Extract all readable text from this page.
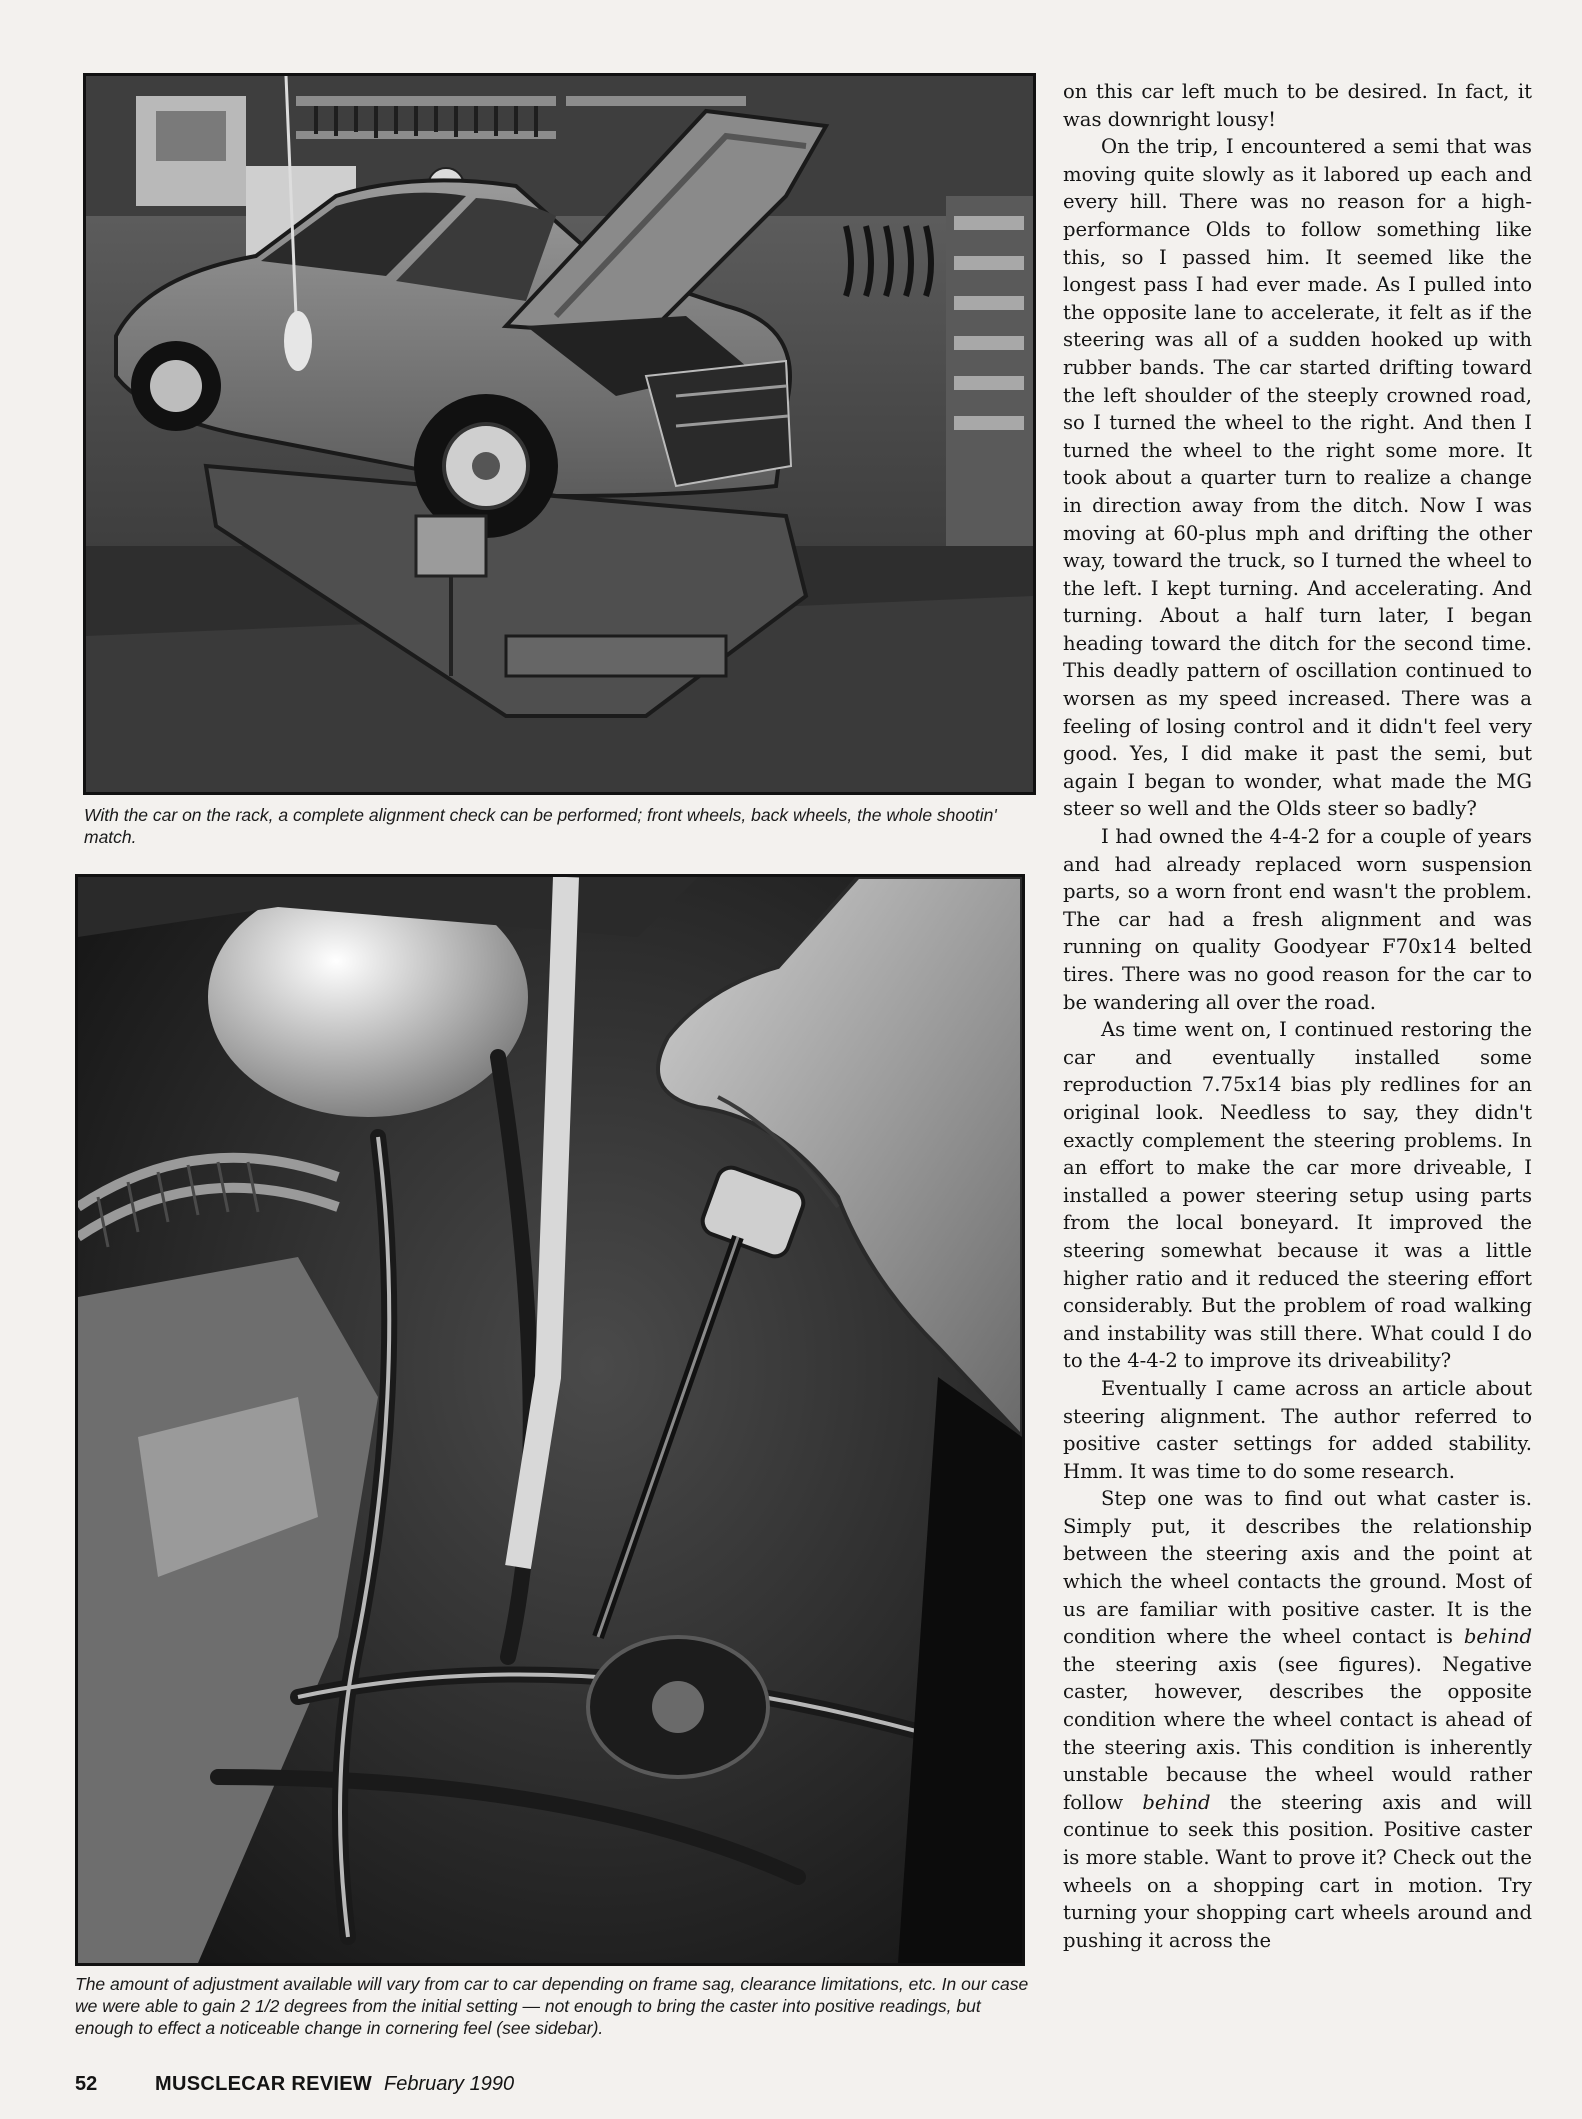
With the car on the rack, a complete alignment check can be performed; front wheels, back wheels, the whole shootin' match.
The amount of adjustment available will vary from car to car depending on frame sag, clearance limitations, etc. In our case we were able to gain 2 1/2 degrees from the initial setting — not enough to bring the caster into positive readings, but enough to effect a noticeable change in cornering feel (see sidebar).

on this car left much to be desired. In fact, it was downright lousy!

On the trip, I encountered a semi that was moving quite slowly as it labored up each and every hill. There was no reason for a high-performance Olds to follow something like this, so I passed him. It seemed like the longest pass I had ever made. As I pulled into the opposite lane to accelerate, it felt as if the steering was all of a sudden hooked up with rubber bands. The car started drifting toward the left shoulder of the steeply crowned road, so I turned the wheel to the right. And then I turned the wheel to the right some more. It took about a quarter turn to realize a change in direction away from the ditch. Now I was moving at 60-plus mph and drifting the other way, toward the truck, so I turned the wheel to the left. I kept turning. And accelerating. And turning. About a half turn later, I began heading toward the ditch for the second time. This deadly pattern of oscillation continued to worsen as my speed increased. There was a feeling of losing control and it didn't feel very good. Yes, I did make it past the semi, but again I began to wonder, what made the MG steer so well and the Olds steer so badly?

I had owned the 4-4-2 for a couple of years and had already replaced worn suspension parts, so a worn front end wasn't the problem. The car had a fresh alignment and was running on quality Goodyear F70x14 belted tires. There was no good reason for the car to be wandering all over the road.

As time went on, I continued restoring the car and eventually installed some reproduction 7.75x14 bias ply redlines for an original look. Needless to say, they didn't exactly complement the steering problems. In an effort to make the car more driveable, I installed a power steering setup using parts from the local boneyard. It improved the steering somewhat because it was a little higher ratio and it reduced the steering effort considerably. But the problem of road walking and instability was still there. What could I do to the 4-4-2 to improve its driveability?

Eventually I came across an article about steering alignment. The author referred to positive caster settings for added stability. Hmm. It was time to do some research.

Step one was to find out what caster is. Simply put, it describes the relationship between the steering axis and the point at which the wheel contacts the ground. Most of us are familiar with positive caster. It is the condition where the wheel contact is behind the steering axis (see figures). Negative caster, however, describes the opposite condition where the wheel contact is ahead of the steering axis. This condition is inherently unstable because the wheel would rather follow behind the steering axis and will continue to seek this position. Positive caster is more stable. Want to prove it? Check out the wheels on a shopping cart in motion. Try turning your shopping cart wheels around and pushing it across the

52	MUSCLECAR REVIEW February 1990
